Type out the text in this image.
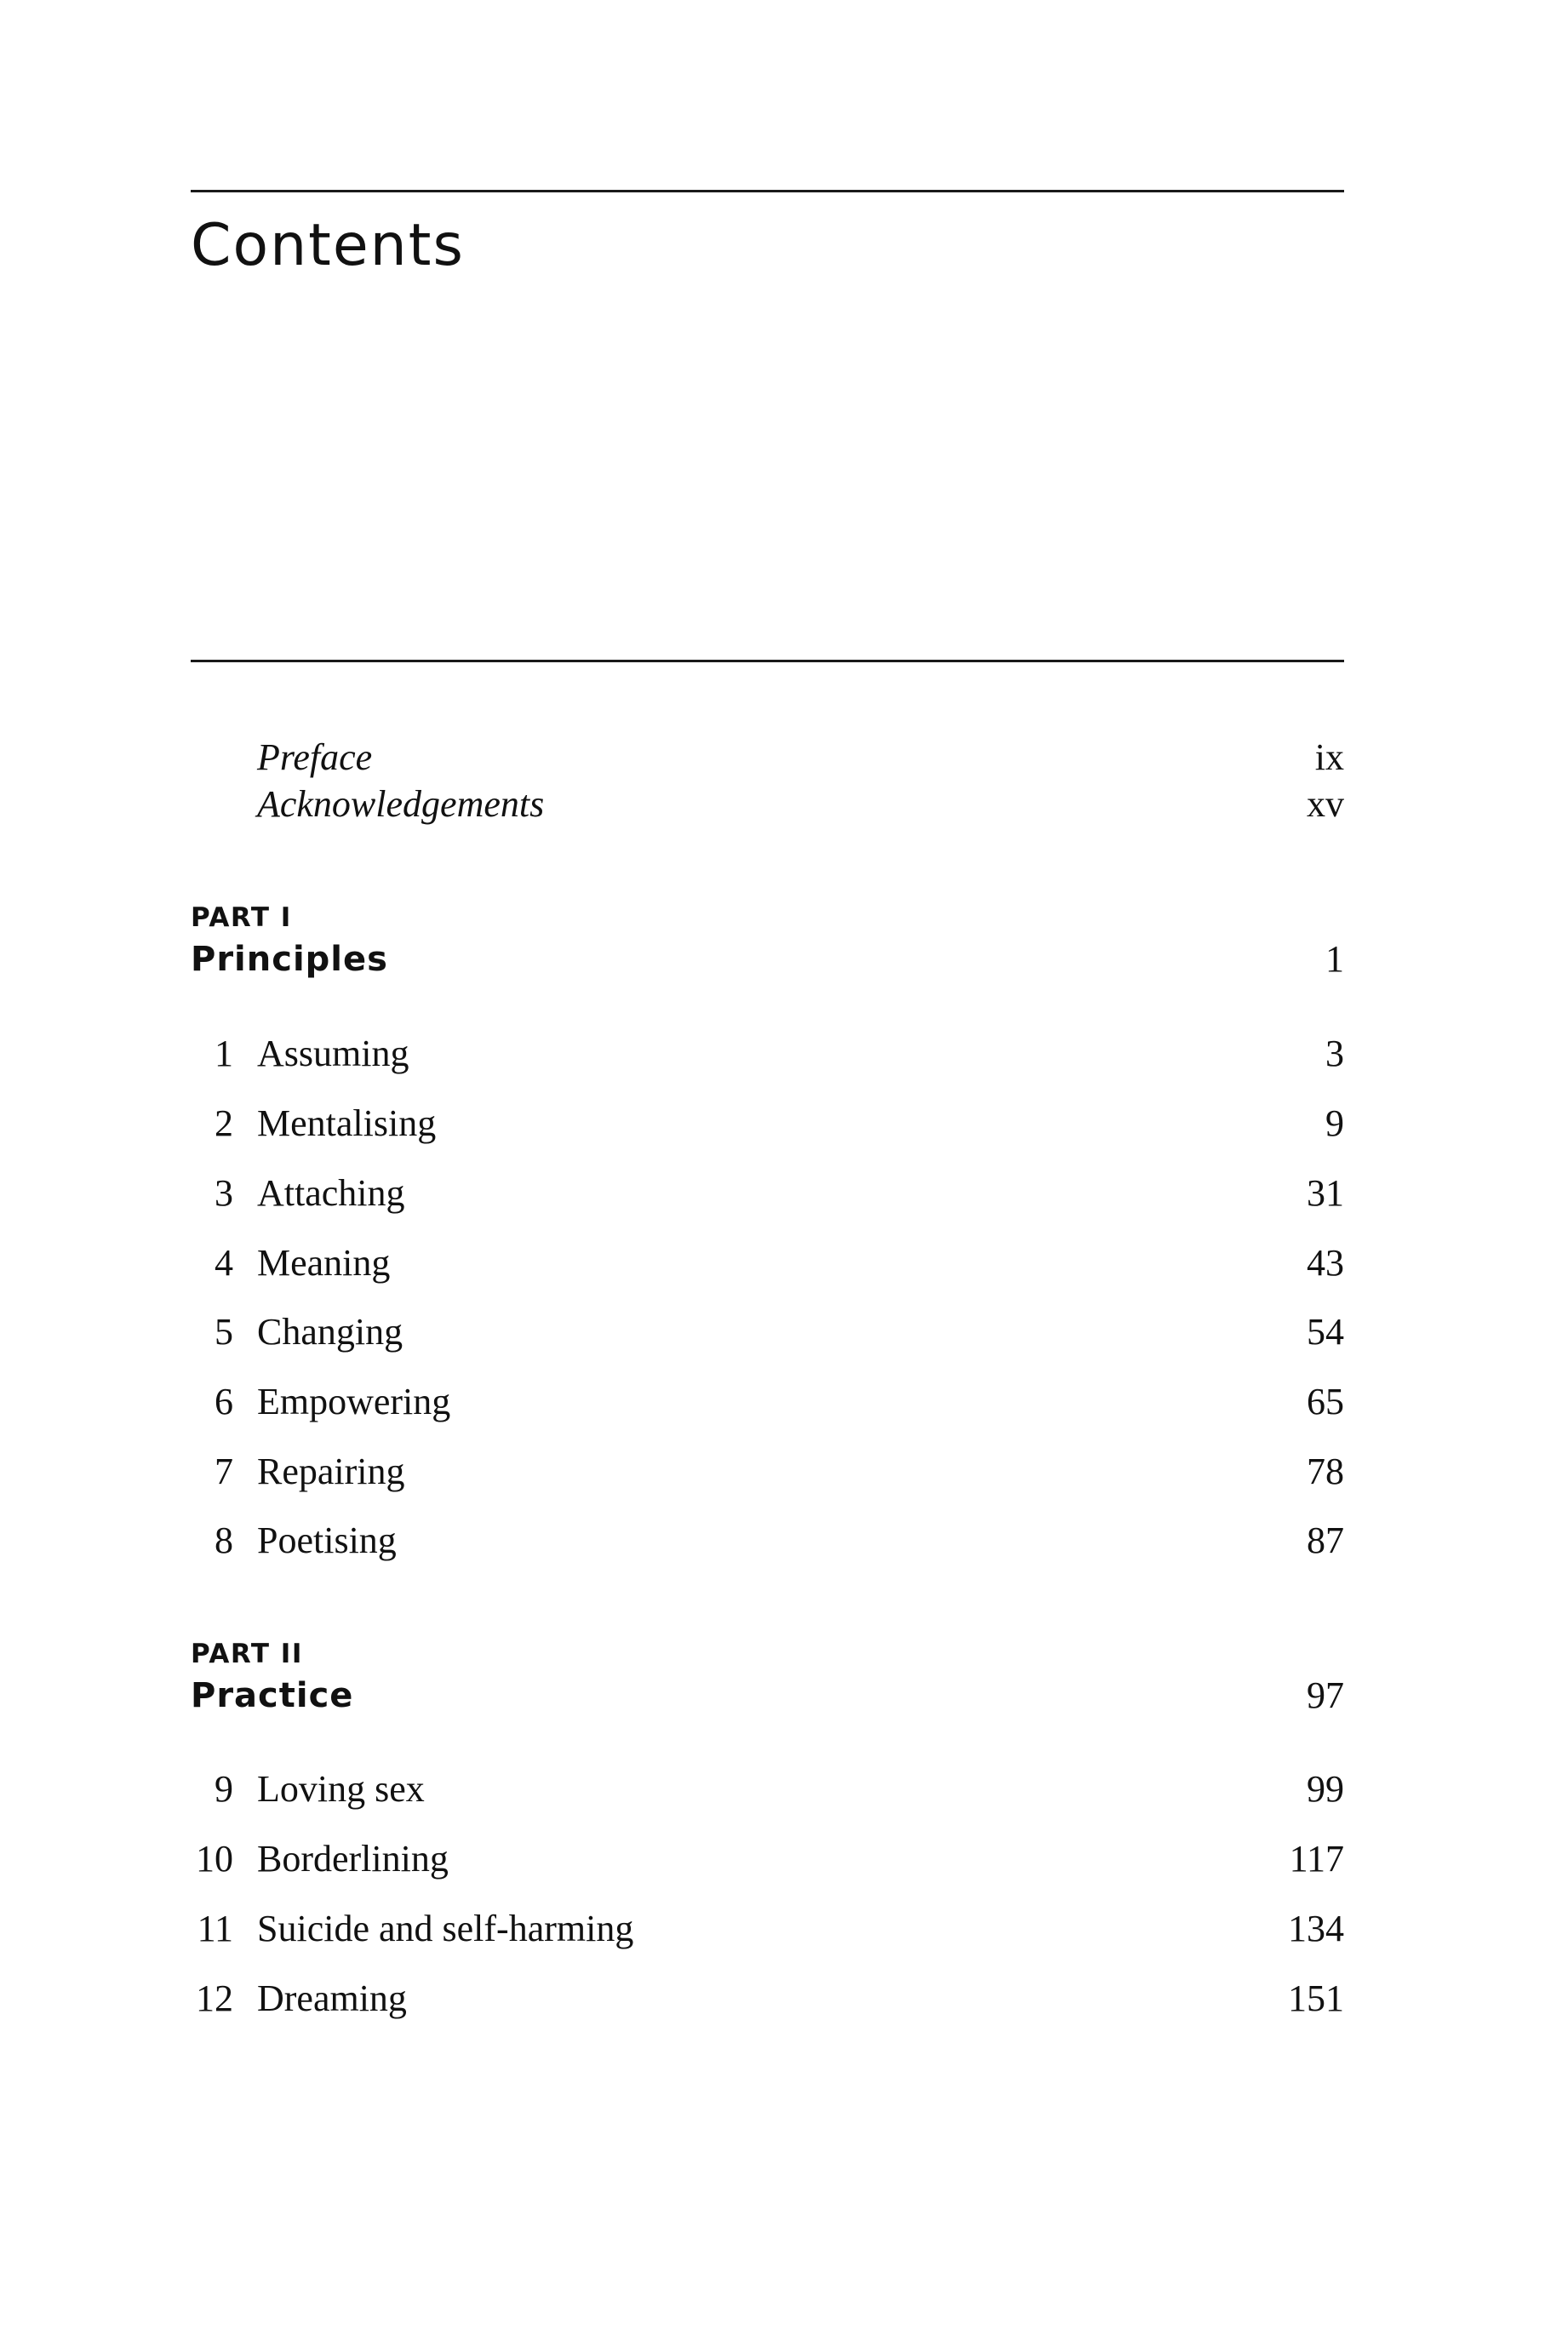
Contents
Preface	ix
Acknowledgements	xv
PART I
Principles	1
1 Assuming	3
2 Mentalising	9
3 Attaching	31
4 Meaning	43
5 Changing	54
6 Empowering	65
7 Repairing	78
8 Poetising	87
PART II
Practice	97
9 Loving sex	99
10 Borderlining	117
11 Suicide and self-harming	134
12 Dreaming	151
